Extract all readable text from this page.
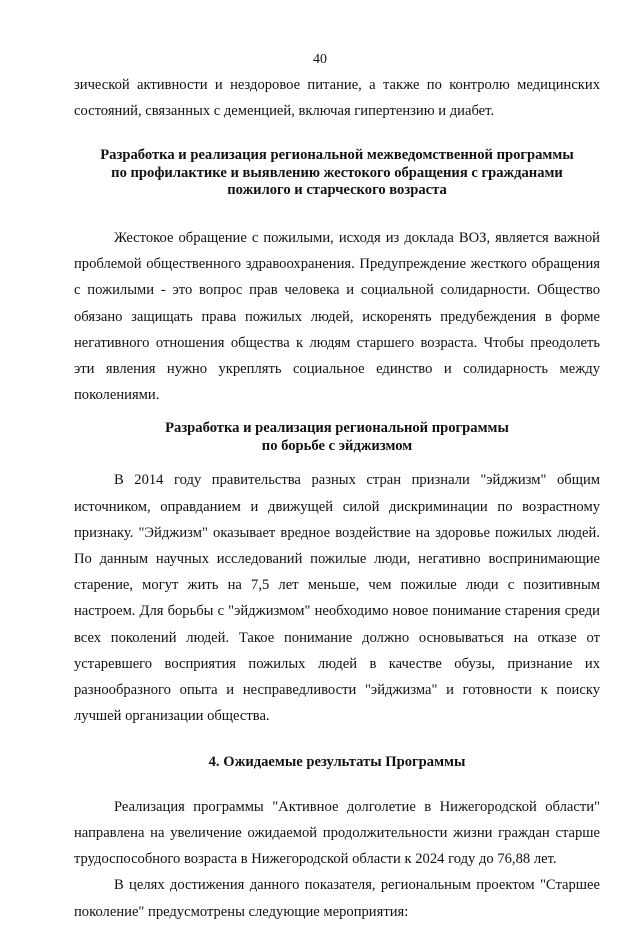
40

зической активности и нездоровое питание, а также по контролю медицинских состояний, связанных с деменцией, включая гипертензию и диабет.

Разработка и реализация региональной межведомственной программы
по профилактике и выявлению жестокого обращения с гражданами
пожилого и старческого возраста

Жестокое обращение с пожилыми, исходя из доклада ВОЗ, является важной проблемой общественного здравоохранения. Предупреждение жесткого обращения с пожилыми - это вопрос прав человека и социальной солидарности. Общество обязано защищать права пожилых людей, искоренять предубеждения в форме негативного отношения общества к людям старшего возраста. Чтобы преодолеть эти явления нужно укреплять социальное единство и солидарность между поколениями.

Разработка и реализация региональной программы
по борьбе с эйджизмом

В 2014 году правительства разных стран признали "эйджизм" общим источником, оправданием и движущей силой дискриминации по возрастному признаку. "Эйджизм" оказывает вредное воздействие на здоровье пожилых людей. По данным научных исследований пожилые люди, негативно воспринимающие старение, могут жить на 7,5 лет меньше, чем пожилые люди с позитивным настроем. Для борьбы с "эйджизмом" необходимо новое понимание старения среди всех поколений людей. Такое понимание должно основываться на отказе от устаревшего восприятия пожилых людей в качестве обузы, признание их разнообразного опыта и несправедливости "эйджизма" и готовности к поиску лучшей организации общества.

4. Ожидаемые результаты Программы

Реализация программы "Активное долголетие в Нижегородской области" направлена на увеличение ожидаемой продолжительности жизни граждан старше трудоспособного возраста в Нижегородской области к 2024 году до 76,88 лет.

В целях достижения данного показателя, региональным проектом "Старшее поколение" предусмотрены следующие мероприятия:
